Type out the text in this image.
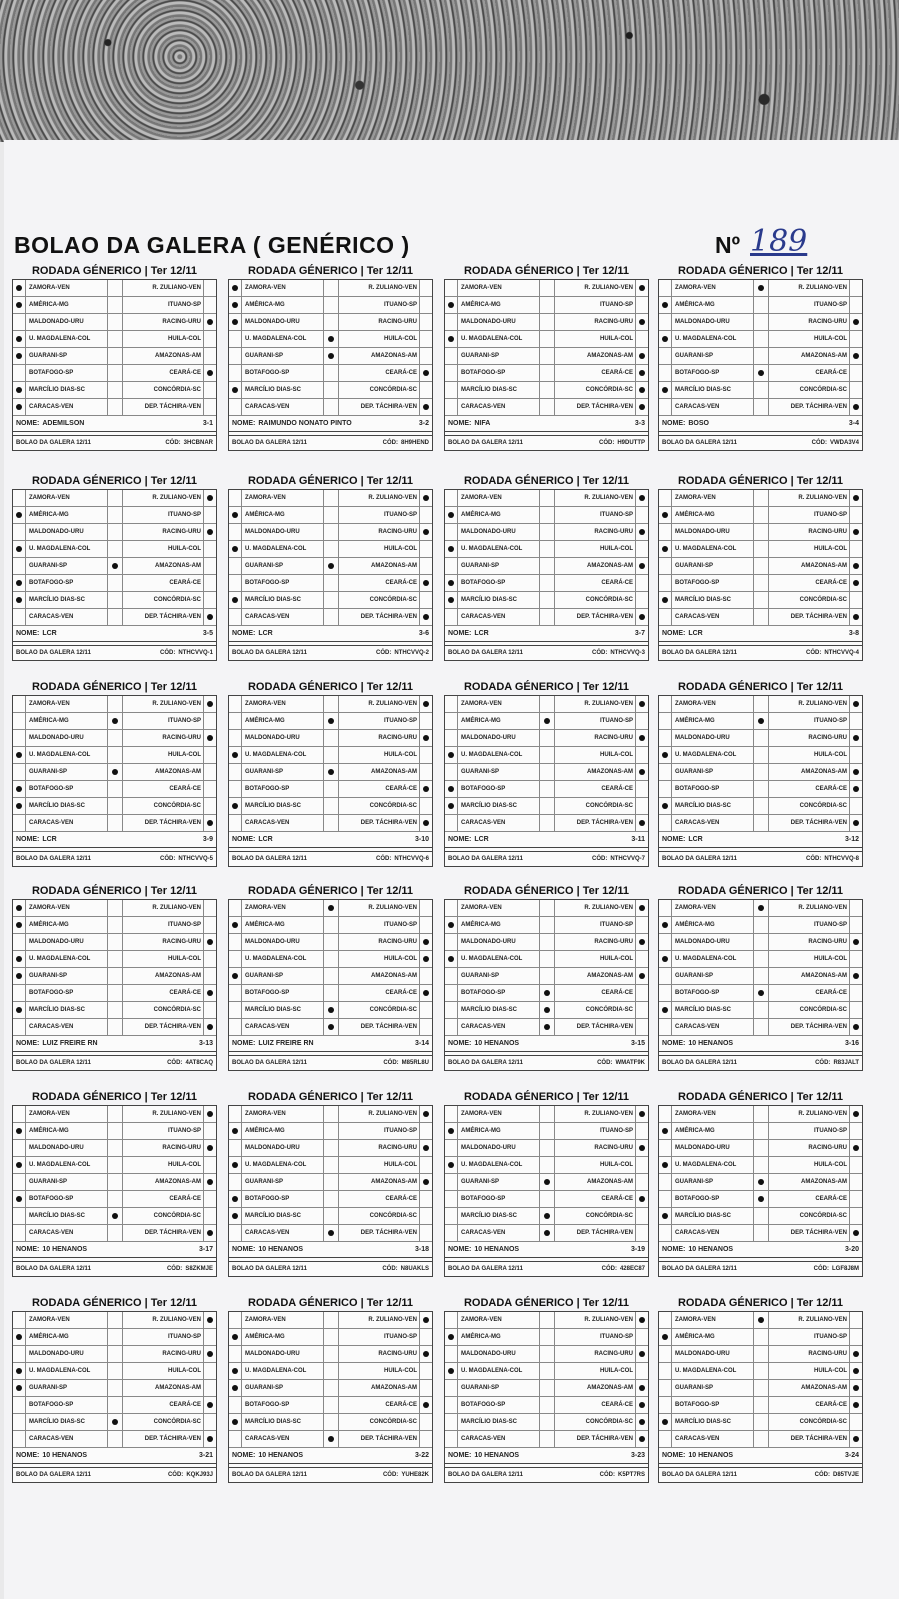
BOLAO DA GALERA ( GENÉRICO )	Nº 189
RODADA GÉNERICO | Ter 12/11
ZAMORA-VEN	R. ZULIANO-VEN
AMÉRICA-MG	ITUANO-SP
MALDONADO-URU	RACING-URU
U. MAGDALENA-COL	HUILA-COL
GUARANI-SP	AMAZONAS-AM
BOTAFOGO-SP	CEARÁ-CE
MARCÍLIO DIAS-SC	CONCÓRDIA-SC
CARACAS-VEN	DEP. TÁCHIRA-VEN
NOME: ADEMILSON	3-1
BOLAO DA GALERA 12/11	CÓD: 3HCBNAR
RODADA GÉNERICO | Ter 12/11
ZAMORA-VEN	R. ZULIANO-VEN
AMÉRICA-MG	ITUANO-SP
MALDONADO-URU	RACING-URU
U. MAGDALENA-COL	HUILA-COL
GUARANI-SP	AMAZONAS-AM
BOTAFOGO-SP	CEARÁ-CE
MARCÍLIO DIAS-SC	CONCÓRDIA-SC
CARACAS-VEN	DEP. TÁCHIRA-VEN
NOME: RAIMUNDO NONATO PINTO	3-2
BOLAO DA GALERA 12/11	CÓD: 8H9HEND
RODADA GÉNERICO | Ter 12/11
ZAMORA-VEN	R. ZULIANO-VEN
AMÉRICA-MG	ITUANO-SP
MALDONADO-URU	RACING-URU
U. MAGDALENA-COL	HUILA-COL
GUARANI-SP	AMAZONAS-AM
BOTAFOGO-SP	CEARÁ-CE
MARCÍLIO DIAS-SC	CONCÓRDIA-SC
CARACAS-VEN	DEP. TÁCHIRA-VEN
NOME: NIFA	3-3
BOLAO DA GALERA 12/11	CÓD: H9DUTTP
RODADA GÉNERICO | Ter 12/11
ZAMORA-VEN	R. ZULIANO-VEN
AMÉRICA-MG	ITUANO-SP
MALDONADO-URU	RACING-URU
U. MAGDALENA-COL	HUILA-COL
GUARANI-SP	AMAZONAS-AM
BOTAFOGO-SP	CEARÁ-CE
MARCÍLIO DIAS-SC	CONCÓRDIA-SC
CARACAS-VEN	DEP. TÁCHIRA-VEN
NOME: BOSO	3-4
BOLAO DA GALERA 12/11	CÓD: VWDA3V4
RODADA GÉNERICO | Ter 12/11
ZAMORA-VEN	R. ZULIANO-VEN
AMÉRICA-MG	ITUANO-SP
MALDONADO-URU	RACING-URU
U. MAGDALENA-COL	HUILA-COL
GUARANI-SP	AMAZONAS-AM
BOTAFOGO-SP	CEARÁ-CE
MARCÍLIO DIAS-SC	CONCÓRDIA-SC
CARACAS-VEN	DEP. TÁCHIRA-VEN
NOME: LCR	3-5
BOLAO DA GALERA 12/11	CÓD: NTHCVVQ-1
RODADA GÉNERICO | Ter 12/11
ZAMORA-VEN	R. ZULIANO-VEN
AMÉRICA-MG	ITUANO-SP
MALDONADO-URU	RACING-URU
U. MAGDALENA-COL	HUILA-COL
GUARANI-SP	AMAZONAS-AM
BOTAFOGO-SP	CEARÁ-CE
MARCÍLIO DIAS-SC	CONCÓRDIA-SC
CARACAS-VEN	DEP. TÁCHIRA-VEN
NOME: LCR	3-6
BOLAO DA GALERA 12/11	CÓD: NTHCVVQ-2
RODADA GÉNERICO | Ter 12/11
ZAMORA-VEN	R. ZULIANO-VEN
AMÉRICA-MG	ITUANO-SP
MALDONADO-URU	RACING-URU
U. MAGDALENA-COL	HUILA-COL
GUARANI-SP	AMAZONAS-AM
BOTAFOGO-SP	CEARÁ-CE
MARCÍLIO DIAS-SC	CONCÓRDIA-SC
CARACAS-VEN	DEP. TÁCHIRA-VEN
NOME: LCR	3-7
BOLAO DA GALERA 12/11	CÓD: NTHCVVQ-3
RODADA GÉNERICO | Ter 12/11
ZAMORA-VEN	R. ZULIANO-VEN
AMÉRICA-MG	ITUANO-SP
MALDONADO-URU	RACING-URU
U. MAGDALENA-COL	HUILA-COL
GUARANI-SP	AMAZONAS-AM
BOTAFOGO-SP	CEARÁ-CE
MARCÍLIO DIAS-SC	CONCÓRDIA-SC
CARACAS-VEN	DEP. TÁCHIRA-VEN
NOME: LCR	3-8
BOLAO DA GALERA 12/11	CÓD: NTHCVVQ-4
RODADA GÉNERICO | Ter 12/11
ZAMORA-VEN	R. ZULIANO-VEN
AMÉRICA-MG	ITUANO-SP
MALDONADO-URU	RACING-URU
U. MAGDALENA-COL	HUILA-COL
GUARANI-SP	AMAZONAS-AM
BOTAFOGO-SP	CEARÁ-CE
MARCÍLIO DIAS-SC	CONCÓRDIA-SC
CARACAS-VEN	DEP. TÁCHIRA-VEN
NOME: LCR	3-9
BOLAO DA GALERA 12/11	CÓD: NTHCVVQ-5
RODADA GÉNERICO | Ter 12/11
ZAMORA-VEN	R. ZULIANO-VEN
AMÉRICA-MG	ITUANO-SP
MALDONADO-URU	RACING-URU
U. MAGDALENA-COL	HUILA-COL
GUARANI-SP	AMAZONAS-AM
BOTAFOGO-SP	CEARÁ-CE
MARCÍLIO DIAS-SC	CONCÓRDIA-SC
CARACAS-VEN	DEP. TÁCHIRA-VEN
NOME: LCR	3-10
BOLAO DA GALERA 12/11	CÓD: NTHCVVQ-6
RODADA GÉNERICO | Ter 12/11
ZAMORA-VEN	R. ZULIANO-VEN
AMÉRICA-MG	ITUANO-SP
MALDONADO-URU	RACING-URU
U. MAGDALENA-COL	HUILA-COL
GUARANI-SP	AMAZONAS-AM
BOTAFOGO-SP	CEARÁ-CE
MARCÍLIO DIAS-SC	CONCÓRDIA-SC
CARACAS-VEN	DEP. TÁCHIRA-VEN
NOME: LCR	3-11
BOLAO DA GALERA 12/11	CÓD: NTHCVVQ-7
RODADA GÉNERICO | Ter 12/11
ZAMORA-VEN	R. ZULIANO-VEN
AMÉRICA-MG	ITUANO-SP
MALDONADO-URU	RACING-URU
U. MAGDALENA-COL	HUILA-COL
GUARANI-SP	AMAZONAS-AM
BOTAFOGO-SP	CEARÁ-CE
MARCÍLIO DIAS-SC	CONCÓRDIA-SC
CARACAS-VEN	DEP. TÁCHIRA-VEN
NOME: LCR	3-12
BOLAO DA GALERA 12/11	CÓD: NTHCVVQ-8
RODADA GÉNERICO | Ter 12/11
ZAMORA-VEN	R. ZULIANO-VEN
AMÉRICA-MG	ITUANO-SP
MALDONADO-URU	RACING-URU
U. MAGDALENA-COL	HUILA-COL
GUARANI-SP	AMAZONAS-AM
BOTAFOGO-SP	CEARÁ-CE
MARCÍLIO DIAS-SC	CONCÓRDIA-SC
CARACAS-VEN	DEP. TÁCHIRA-VEN
NOME: LUIZ FREIRE RN	3-13
BOLAO DA GALERA 12/11	CÓD: 4AT8CAQ
RODADA GÉNERICO | Ter 12/11
ZAMORA-VEN	R. ZULIANO-VEN
AMÉRICA-MG	ITUANO-SP
MALDONADO-URU	RACING-URU
U. MAGDALENA-COL	HUILA-COL
GUARANI-SP	AMAZONAS-AM
BOTAFOGO-SP	CEARÁ-CE
MARCÍLIO DIAS-SC	CONCÓRDIA-SC
CARACAS-VEN	DEP. TÁCHIRA-VEN
NOME: LUIZ FREIRE RN	3-14
BOLAO DA GALERA 12/11	CÓD: M85RL8U
RODADA GÉNERICO | Ter 12/11
ZAMORA-VEN	R. ZULIANO-VEN
AMÉRICA-MG	ITUANO-SP
MALDONADO-URU	RACING-URU
U. MAGDALENA-COL	HUILA-COL
GUARANI-SP	AMAZONAS-AM
BOTAFOGO-SP	CEARÁ-CE
MARCÍLIO DIAS-SC	CONCÓRDIA-SC
CARACAS-VEN	DEP. TÁCHIRA-VEN
NOME: 10 HENANOS	3-15
BOLAO DA GALERA 12/11	CÓD: WMATF9K
RODADA GÉNERICO | Ter 12/11
ZAMORA-VEN	R. ZULIANO-VEN
AMÉRICA-MG	ITUANO-SP
MALDONADO-URU	RACING-URU
U. MAGDALENA-COL	HUILA-COL
GUARANI-SP	AMAZONAS-AM
BOTAFOGO-SP	CEARÁ-CE
MARCÍLIO DIAS-SC	CONCÓRDIA-SC
CARACAS-VEN	DEP. TÁCHIRA-VEN
NOME: 10 HENANOS	3-16
BOLAO DA GALERA 12/11	CÓD: R83JALT
RODADA GÉNERICO | Ter 12/11
ZAMORA-VEN	R. ZULIANO-VEN
AMÉRICA-MG	ITUANO-SP
MALDONADO-URU	RACING-URU
U. MAGDALENA-COL	HUILA-COL
GUARANI-SP	AMAZONAS-AM
BOTAFOGO-SP	CEARÁ-CE
MARCÍLIO DIAS-SC	CONCÓRDIA-SC
CARACAS-VEN	DEP. TÁCHIRA-VEN
NOME: 10 HENANOS	3-17
BOLAO DA GALERA 12/11	CÓD: S8ZKMJE
RODADA GÉNERICO | Ter 12/11
ZAMORA-VEN	R. ZULIANO-VEN
AMÉRICA-MG	ITUANO-SP
MALDONADO-URU	RACING-URU
U. MAGDALENA-COL	HUILA-COL
GUARANI-SP	AMAZONAS-AM
BOTAFOGO-SP	CEARÁ-CE
MARCÍLIO DIAS-SC	CONCÓRDIA-SC
CARACAS-VEN	DEP. TÁCHIRA-VEN
NOME: 10 HENANOS	3-18
BOLAO DA GALERA 12/11	CÓD: N8UAKLS
RODADA GÉNERICO | Ter 12/11
ZAMORA-VEN	R. ZULIANO-VEN
AMÉRICA-MG	ITUANO-SP
MALDONADO-URU	RACING-URU
U. MAGDALENA-COL	HUILA-COL
GUARANI-SP	AMAZONAS-AM
BOTAFOGO-SP	CEARÁ-CE
MARCÍLIO DIAS-SC	CONCÓRDIA-SC
CARACAS-VEN	DEP. TÁCHIRA-VEN
NOME: 10 HENANOS	3-19
BOLAO DA GALERA 12/11	CÓD: 428EC87
RODADA GÉNERICO | Ter 12/11
ZAMORA-VEN	R. ZULIANO-VEN
AMÉRICA-MG	ITUANO-SP
MALDONADO-URU	RACING-URU
U. MAGDALENA-COL	HUILA-COL
GUARANI-SP	AMAZONAS-AM
BOTAFOGO-SP	CEARÁ-CE
MARCÍLIO DIAS-SC	CONCÓRDIA-SC
CARACAS-VEN	DEP. TÁCHIRA-VEN
NOME: 10 HENANOS	3-20
BOLAO DA GALERA 12/11	CÓD: LGF8J8M
RODADA GÉNERICO | Ter 12/11
ZAMORA-VEN	R. ZULIANO-VEN
AMÉRICA-MG	ITUANO-SP
MALDONADO-URU	RACING-URU
U. MAGDALENA-COL	HUILA-COL
GUARANI-SP	AMAZONAS-AM
BOTAFOGO-SP	CEARÁ-CE
MARCÍLIO DIAS-SC	CONCÓRDIA-SC
CARACAS-VEN	DEP. TÁCHIRA-VEN
NOME: 10 HENANOS	3-21
BOLAO DA GALERA 12/11	CÓD: KQKJ93J
RODADA GÉNERICO | Ter 12/11
ZAMORA-VEN	R. ZULIANO-VEN
AMÉRICA-MG	ITUANO-SP
MALDONADO-URU	RACING-URU
U. MAGDALENA-COL	HUILA-COL
GUARANI-SP	AMAZONAS-AM
BOTAFOGO-SP	CEARÁ-CE
MARCÍLIO DIAS-SC	CONCÓRDIA-SC
CARACAS-VEN	DEP. TÁCHIRA-VEN
NOME: 10 HENANOS	3-22
BOLAO DA GALERA 12/11	CÓD: YUHE82K
RODADA GÉNERICO | Ter 12/11
ZAMORA-VEN	R. ZULIANO-VEN
AMÉRICA-MG	ITUANO-SP
MALDONADO-URU	RACING-URU
U. MAGDALENA-COL	HUILA-COL
GUARANI-SP	AMAZONAS-AM
BOTAFOGO-SP	CEARÁ-CE
MARCÍLIO DIAS-SC	CONCÓRDIA-SC
CARACAS-VEN	DEP. TÁCHIRA-VEN
NOME: 10 HENANOS	3-23
BOLAO DA GALERA 12/11	CÓD: K5PT7RS
RODADA GÉNERICO | Ter 12/11
ZAMORA-VEN	R. ZULIANO-VEN
AMÉRICA-MG	ITUANO-SP
MALDONADO-URU	RACING-URU
U. MAGDALENA-COL	HUILA-COL
GUARANI-SP	AMAZONAS-AM
BOTAFOGO-SP	CEARÁ-CE
MARCÍLIO DIAS-SC	CONCÓRDIA-SC
CARACAS-VEN	DEP. TÁCHIRA-VEN
NOME: 10 HENANOS	3-24
BOLAO DA GALERA 12/11	CÓD: D85TVJE
